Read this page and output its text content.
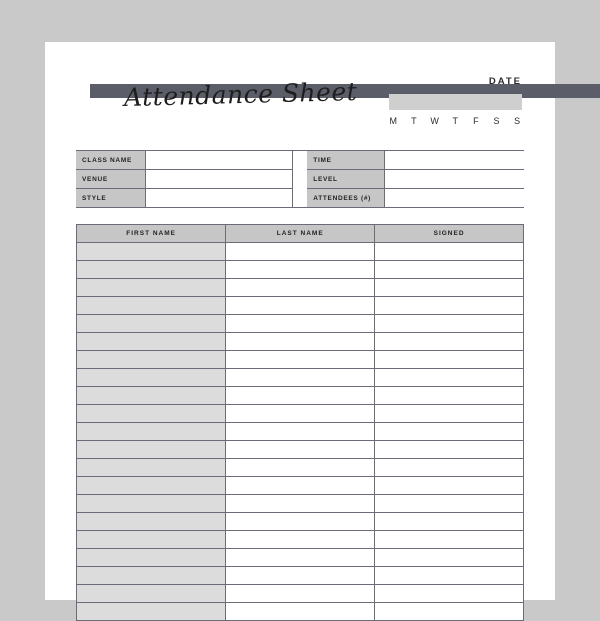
Attendance Sheet	DATE
M	T	W	T	F	S	S
CLASS NAME
VENUE
STYLE
TIME
LEVEL
ATTENDEES (#)
FIRST NAME	LAST NAME	SIGNED
